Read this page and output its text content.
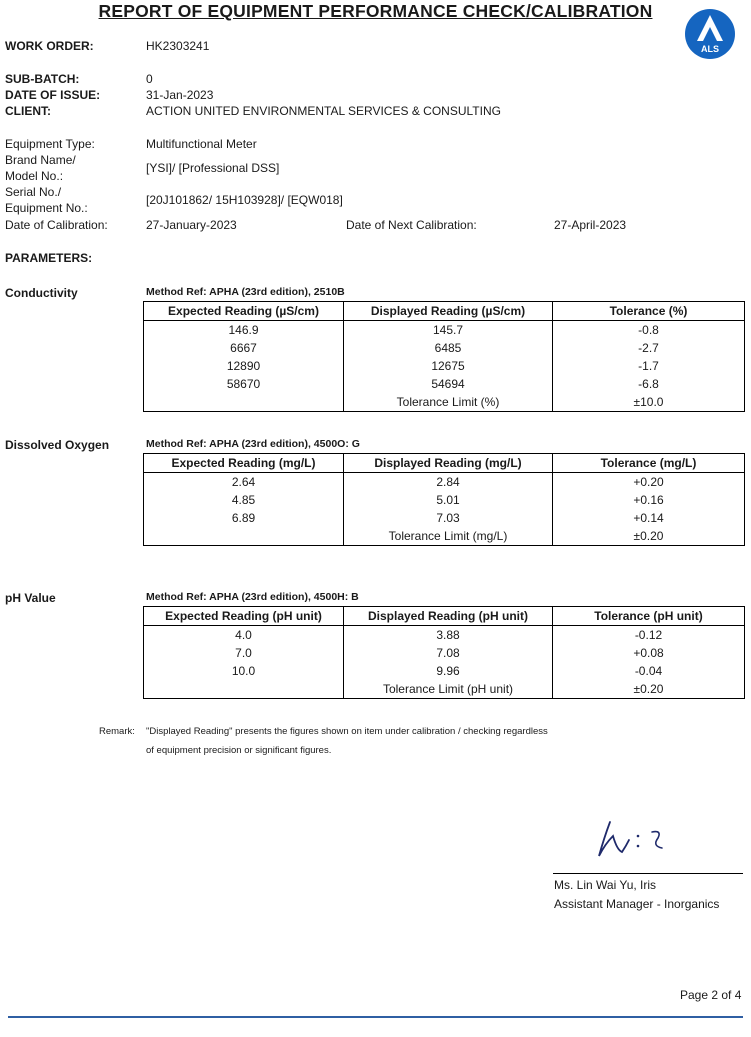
REPORT OF EQUIPMENT PERFORMANCE CHECK/CALIBRATION
ALS
WORK ORDER:	HK2303241
SUB-BATCH:	0
DATE OF ISSUE:	31-Jan-2023
CLIENT:	ACTION UNITED ENVIRONMENTAL SERVICES & CONSULTING
Equipment Type:	Multifunctional Meter
Brand Name/
Model No.:
[YSI]/ [Professional DSS]
Serial No./
Equipment No.:
[20J101862/ 15H103928]/ [EQW018]
Date of Calibration:	27-January-2023	Date of Next Calibration:	27-April-2023
PARAMETERS:
Conductivity	Method Ref: APHA (23rd edition), 2510B
Expected Reading (µS/cm)	Displayed Reading (µS/cm)	Tolerance (%)
146.9	145.7	-0.8
6667	6485	-2.7
12890	12675	-1.7
58670	54694	-6.8
	Tolerance Limit (%)	±10.0
Dissolved Oxygen	Method Ref: APHA (23rd edition), 4500O: G
Expected Reading (mg/L)	Displayed Reading (mg/L)	Tolerance (mg/L)
2.64	2.84	+0.20
4.85	5.01	+0.16
6.89	7.03	+0.14
	Tolerance Limit (mg/L)	±0.20
pH Value	Method Ref: APHA (23rd edition), 4500H: B
Expected Reading (pH unit)	Displayed Reading (pH unit)	Tolerance (pH unit)
4.0	3.88	-0.12
7.0	7.08	+0.08
10.0	9.96	-0.04
	Tolerance Limit (pH unit)	±0.20
Remark: "Displayed Reading" presents the figures shown on item under calibration / checking regardless
of equipment precision or significant figures.
Ms. Lin Wai Yu, Iris
Assistant Manager - Inorganics
Page 2 of 4
